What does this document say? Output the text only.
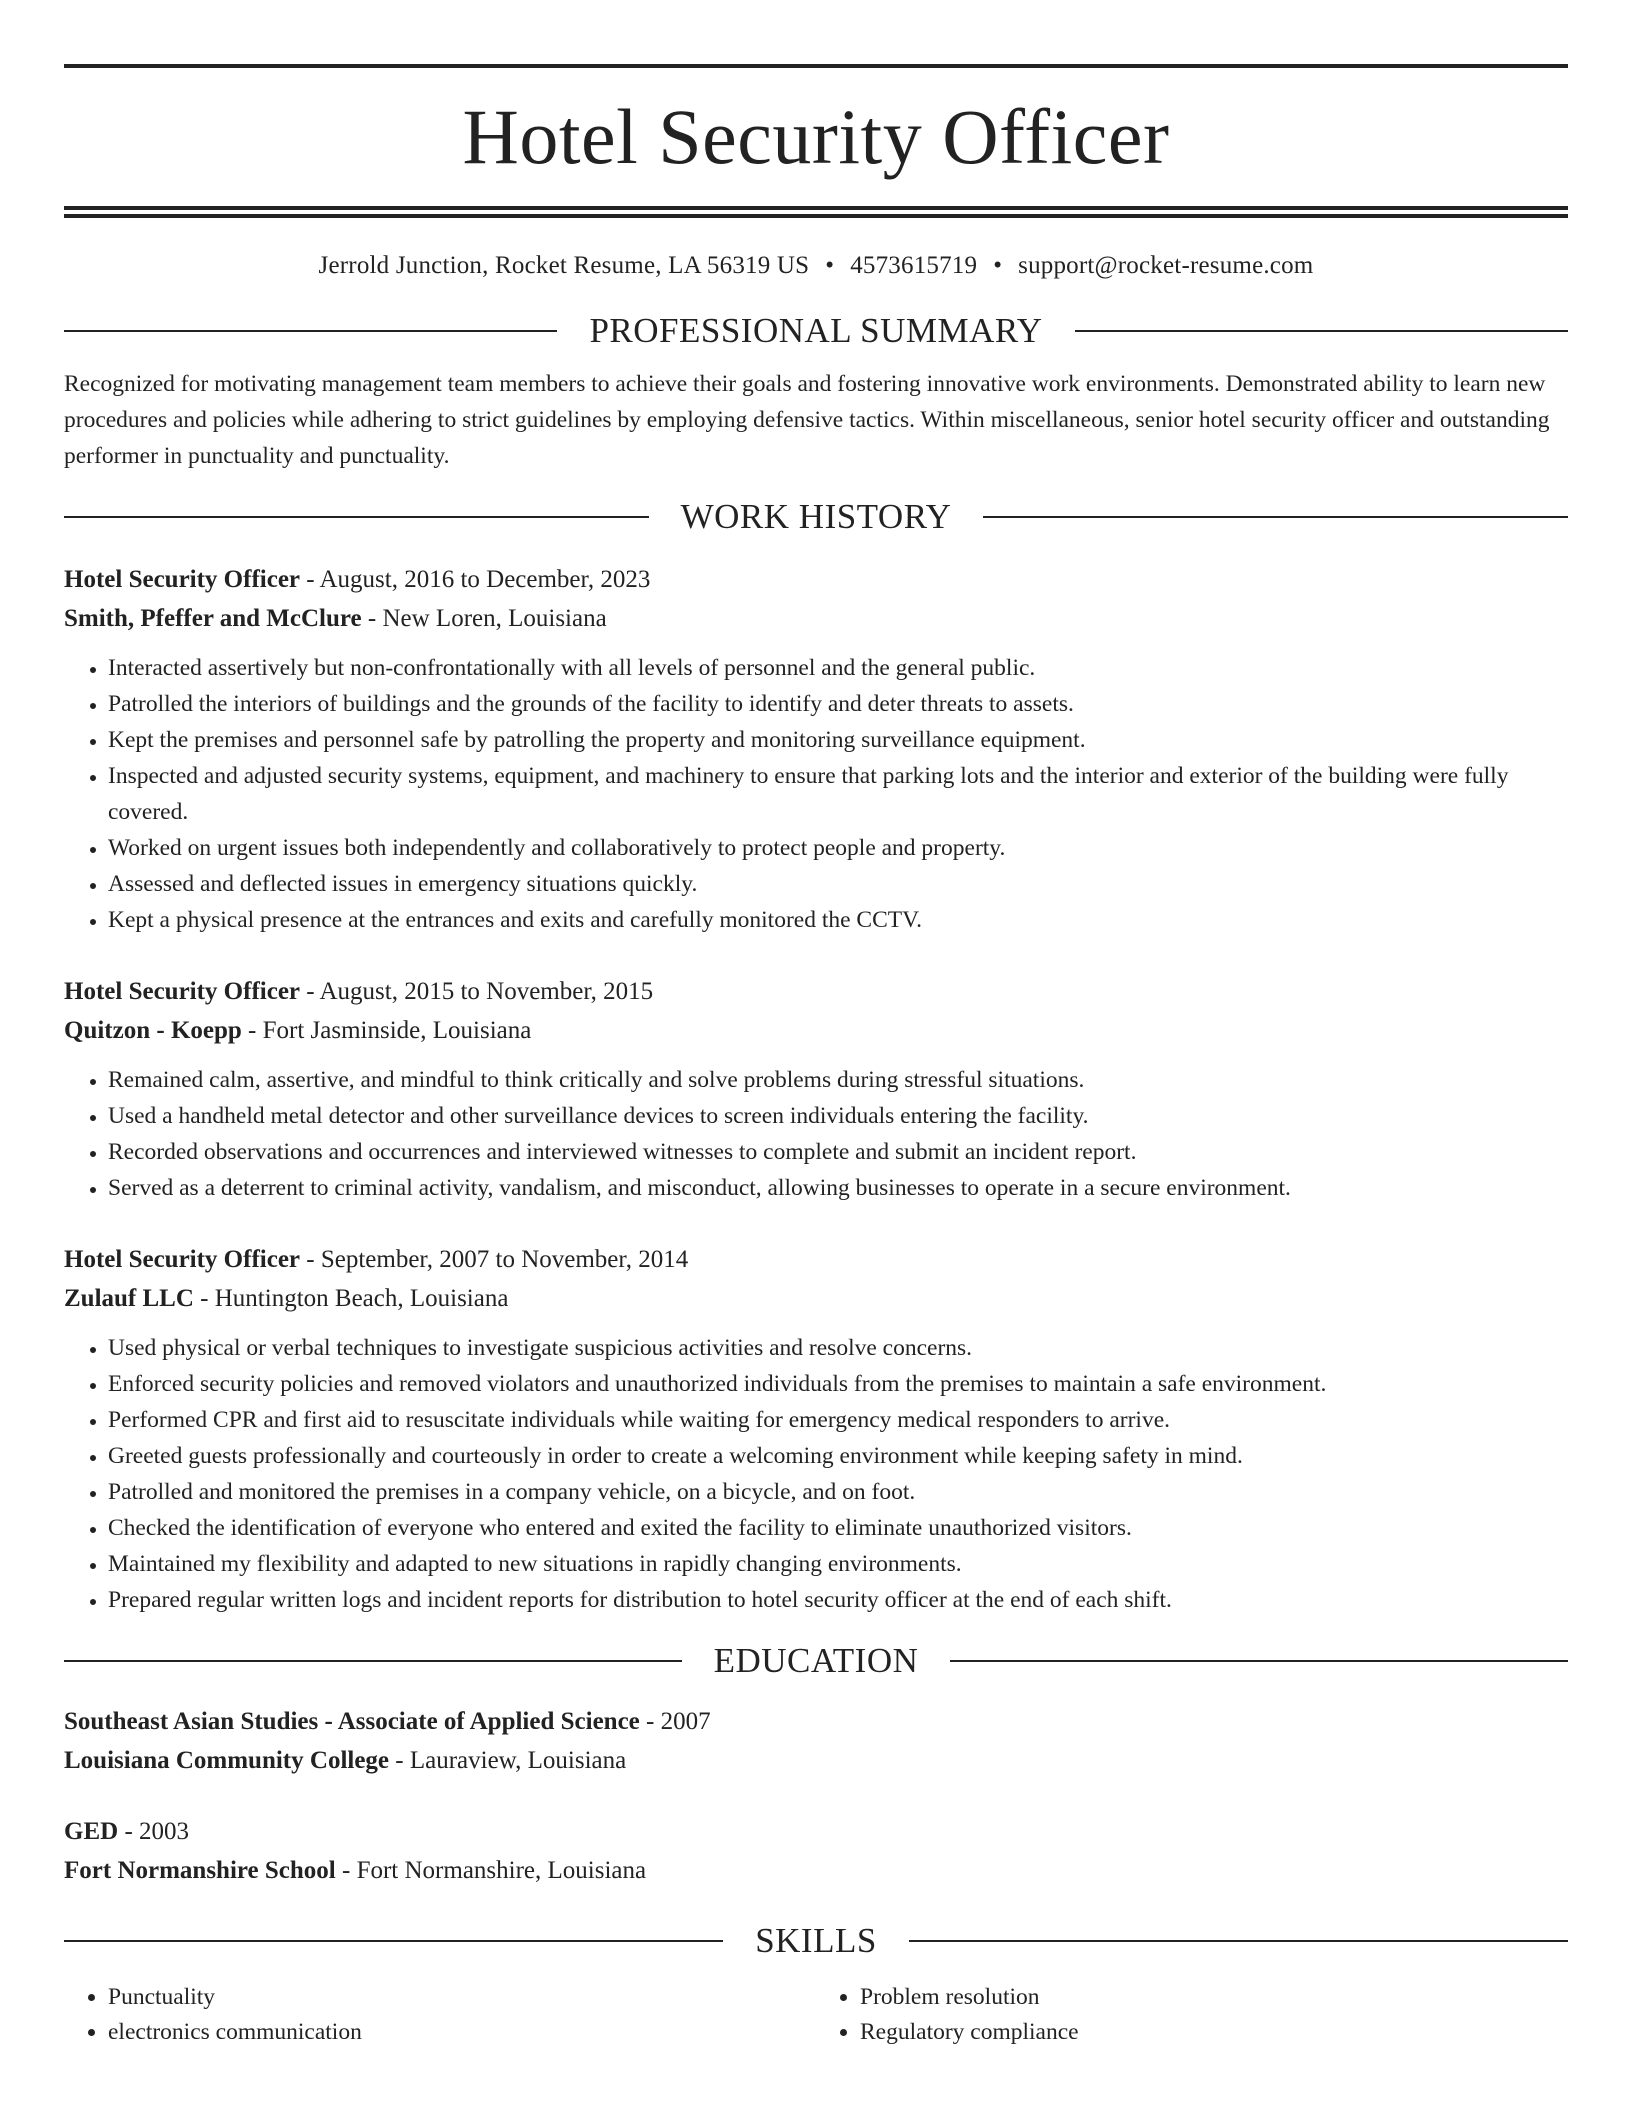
Hotel Security Officer
Jerrold Junction, Rocket Resume, LA 56319 US • 4573615719 • support@rocket-resume.com
PROFESSIONAL SUMMARY
Recognized for motivating management team members to achieve their goals and fostering innovative work environments. Demonstrated ability to learn new procedures and policies while adhering to strict guidelines by employing defensive tactics. Within miscellaneous, senior hotel security officer and outstanding performer in punctuality and punctuality.
WORK HISTORY
Hotel Security Officer - August, 2016 to December, 2023
Smith, Pfeffer and McClure - New Loren, Louisiana
• Interacted assertively but non-confrontationally with all levels of personnel and the general public.
• Patrolled the interiors of buildings and the grounds of the facility to identify and deter threats to assets.
• Kept the premises and personnel safe by patrolling the property and monitoring surveillance equipment.
• Inspected and adjusted security systems, equipment, and machinery to ensure that parking lots and the interior and exterior of the building were fully covered.
• Worked on urgent issues both independently and collaboratively to protect people and property.
• Assessed and deflected issues in emergency situations quickly.
• Kept a physical presence at the entrances and exits and carefully monitored the CCTV.
Hotel Security Officer - August, 2015 to November, 2015
Quitzon - Koepp - Fort Jasminside, Louisiana
• Remained calm, assertive, and mindful to think critically and solve problems during stressful situations.
• Used a handheld metal detector and other surveillance devices to screen individuals entering the facility.
• Recorded observations and occurrences and interviewed witnesses to complete and submit an incident report.
• Served as a deterrent to criminal activity, vandalism, and misconduct, allowing businesses to operate in a secure environment.
Hotel Security Officer - September, 2007 to November, 2014
Zulauf LLC - Huntington Beach, Louisiana
• Used physical or verbal techniques to investigate suspicious activities and resolve concerns.
• Enforced security policies and removed violators and unauthorized individuals from the premises to maintain a safe environment.
• Performed CPR and first aid to resuscitate individuals while waiting for emergency medical responders to arrive.
• Greeted guests professionally and courteously in order to create a welcoming environment while keeping safety in mind.
• Patrolled and monitored the premises in a company vehicle, on a bicycle, and on foot.
• Checked the identification of everyone who entered and exited the facility to eliminate unauthorized visitors.
• Maintained my flexibility and adapted to new situations in rapidly changing environments.
• Prepared regular written logs and incident reports for distribution to hotel security officer at the end of each shift.
EDUCATION
Southeast Asian Studies - Associate of Applied Science - 2007
Louisiana Community College - Lauraview, Louisiana
GED - 2003
Fort Normanshire School - Fort Normanshire, Louisiana
SKILLS
• Punctuality
• electronics communication
• Problem resolution
• Regulatory compliance
